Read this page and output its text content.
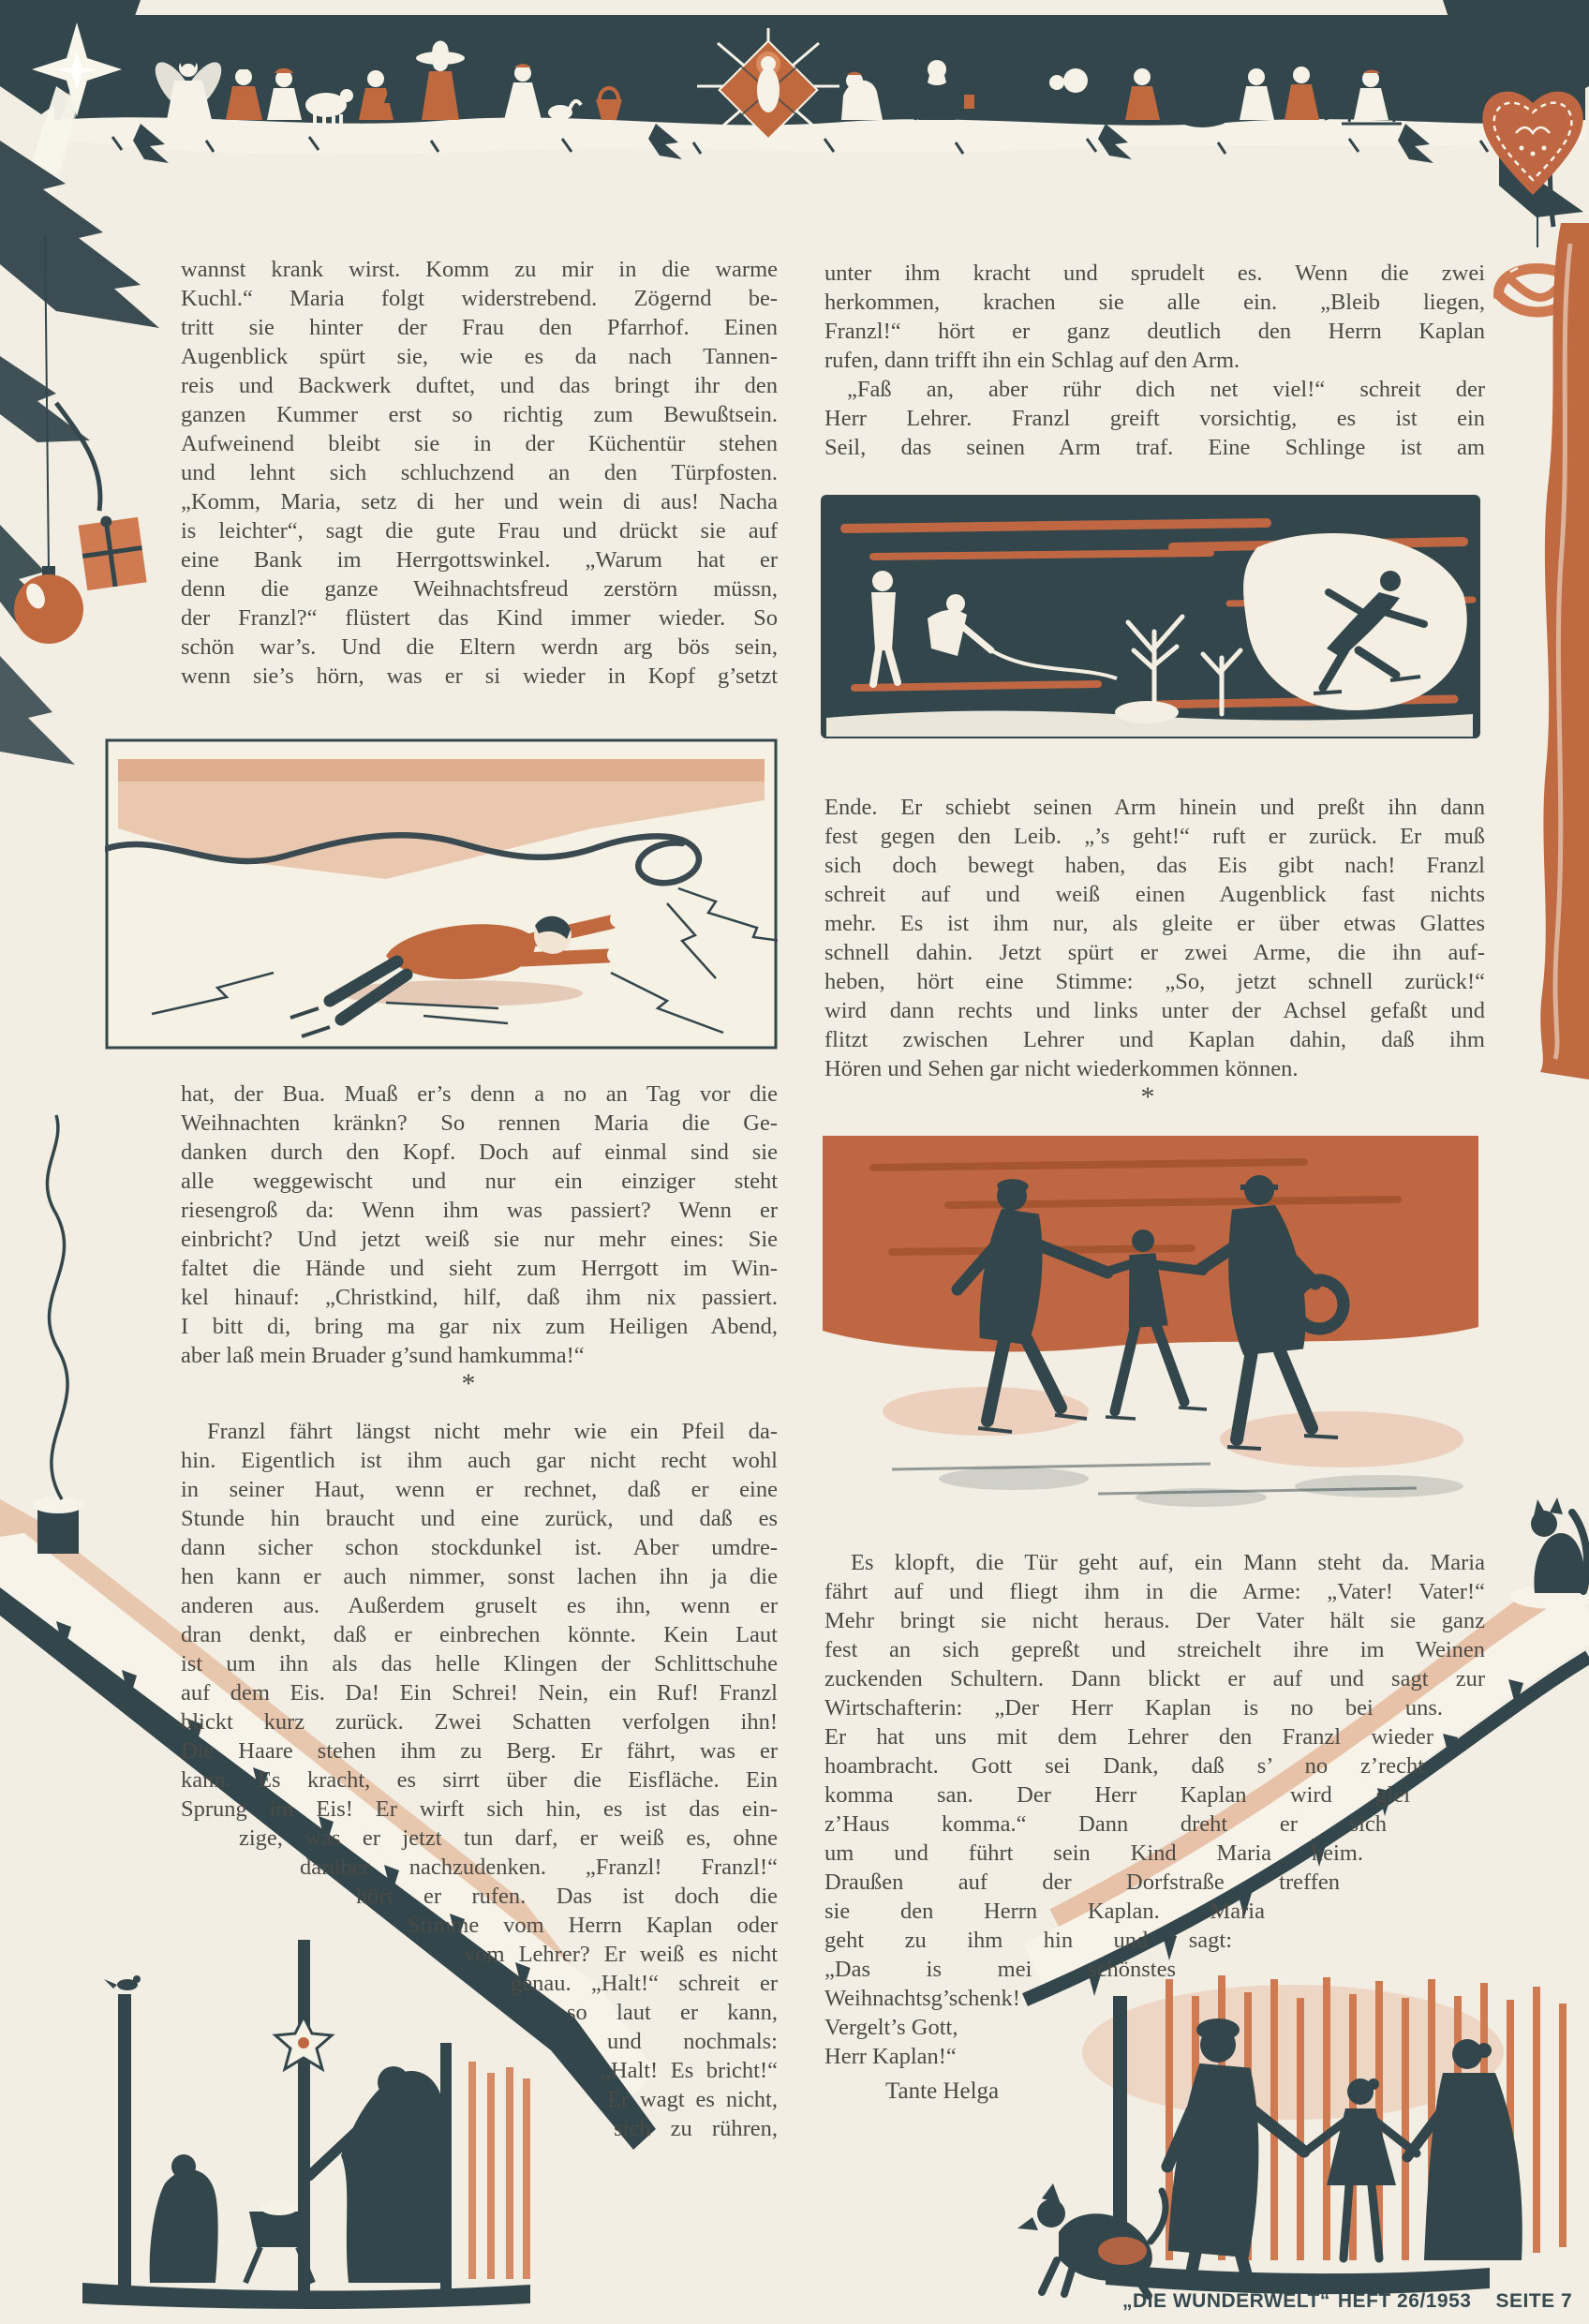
wannst krank wirst. Komm zu mir in die warme
Kuchl.“ Maria folgt widerstrebend. Zögernd be-
tritt sie hinter der Frau den Pfarrhof. Einen
Augenblick spürt sie, wie es da nach Tannen-
reis und Backwerk duftet, und das bringt ihr den
ganzen Kummer erst so richtig zum Bewußtsein.
Aufweinend bleibt sie in der Küchentür stehen
und lehnt sich schluchzend an den Türpfosten.
„Komm, Maria, setz di her und wein di aus! Nacha
is leichter“, sagt die gute Frau und drückt sie auf
eine Bank im Herrgottswinkel. „Warum hat er
denn die ganze Weihnachtsfreud zerstörn müssn,
der Franzl?“ flüstert das Kind immer wieder. So
schön war’s. Und die Eltern werdn arg bös sein,
wenn sie’s hörn, was er si wieder in Kopf g’setzt
hat, der Bua. Muaß er’s denn a no an Tag vor die
Weihnachten kränkn? So rennen Maria die Ge-
danken durch den Kopf. Doch auf einmal sind sie
alle weggewischt und nur ein einziger steht
riesengroß da: Wenn ihm was passiert? Wenn er
einbricht? Und jetzt weiß sie nur mehr eines: Sie
faltet die Hände und sieht zum Herrgott im Win-
kel hinauf: „Christkind, hilf, daß ihm nix passiert.
I bitt di, bring ma gar nix zum Heiligen Abend,
aber laß mein Bruader g’sund hamkumma!“
Franzl fährt längst nicht mehr wie ein Pfeil da-
hin. Eigentlich ist ihm auch gar nicht recht wohl
in seiner Haut, wenn er rechnet, daß er eine
Stunde hin braucht und eine zurück, und daß es
dann sicher schon stockdunkel ist. Aber umdre-
hen kann er auch nimmer, sonst lachen ihn ja die
anderen aus. Außerdem gruselt es ihn, wenn er
dran denkt, daß er einbrechen könnte. Kein Laut
ist um ihn als das helle Klingen der Schlittschuhe
auf dem Eis. Da! Ein Schrei! Nein, ein Ruf! Franzl
blickt kurz zurück. Zwei Schatten verfolgen ihn!
Die Haare stehen ihm zu Berg. Er fährt, was er
kann. Es kracht, es sirrt über die Eisfläche. Ein
Sprung im Eis! Er wirft sich hin, es ist das ein-
zige, was er jetzt tun darf, er weiß es, ohne
darüber nachzudenken. „Franzl! Franzl!“
hört er rufen. Das ist doch die
Stimme vom Herrn Kaplan oder
vom Lehrer? Er weiß es nicht
genau. „Halt!“ schreit er
so laut er kann,
und nochmals:
„Halt! Es bricht!“
Er wagt es nicht,
sich zu rühren,
unter ihm kracht und sprudelt es. Wenn die zwei
herkommen, krachen sie alle ein. „Bleib liegen,
Franzl!“ hört er ganz deutlich den Herrn Kaplan
rufen, dann trifft ihn ein Schlag auf den Arm.
„Faß an, aber rühr dich net viel!“ schreit der
Herr Lehrer. Franzl greift vorsichtig, es ist ein
Seil, das seinen Arm traf. Eine Schlinge ist am
Ende. Er schiebt seinen Arm hinein und preßt ihn dann
fest gegen den Leib. „’s geht!“ ruft er zurück. Er muß
sich doch bewegt haben, das Eis gibt nach! Franzl
schreit auf und weiß einen Augenblick fast nichts
mehr. Es ist ihm nur, als gleite er über etwas Glattes
schnell dahin. Jetzt spürt er zwei Arme, die ihn auf-
heben, hört eine Stimme: „So, jetzt schnell zurück!“
wird dann rechts und links unter der Achsel gefaßt und
flitzt zwischen Lehrer und Kaplan dahin, daß ihm
Hören und Sehen gar nicht wiederkommen können.
Es klopft, die Tür geht auf, ein Mann steht da. Maria
fährt auf und fliegt ihm in die Arme: „Vater! Vater!“
Mehr bringt sie nicht heraus. Der Vater hält sie ganz
fest an sich gepreßt und streichelt ihre im Weinen
zuckenden Schultern. Dann blickt er auf und sagt zur
Wirtschafterin: „Der Herr Kaplan is no bei uns.
Er hat uns mit dem Lehrer den Franzl wieder
hoambracht. Gott sei Dank, daß s’ no z’recht
komma san. Der Herr Kaplan wird glei
z’Haus komma.“ Dann dreht er sich
um und führt sein Kind Maria heim.
Draußen auf der Dorfstraße treffen
sie den Herrn Kaplan. Maria
geht zu ihm hin und sagt:
„Das is mei schönstes
Weihnachtsg’schenk!
Vergelt’s Gott,
Herr Kaplan!“
*
*
Tante Helga
„DIE WUNDERWELT“ HEFT 26/1953 SEITE 7
